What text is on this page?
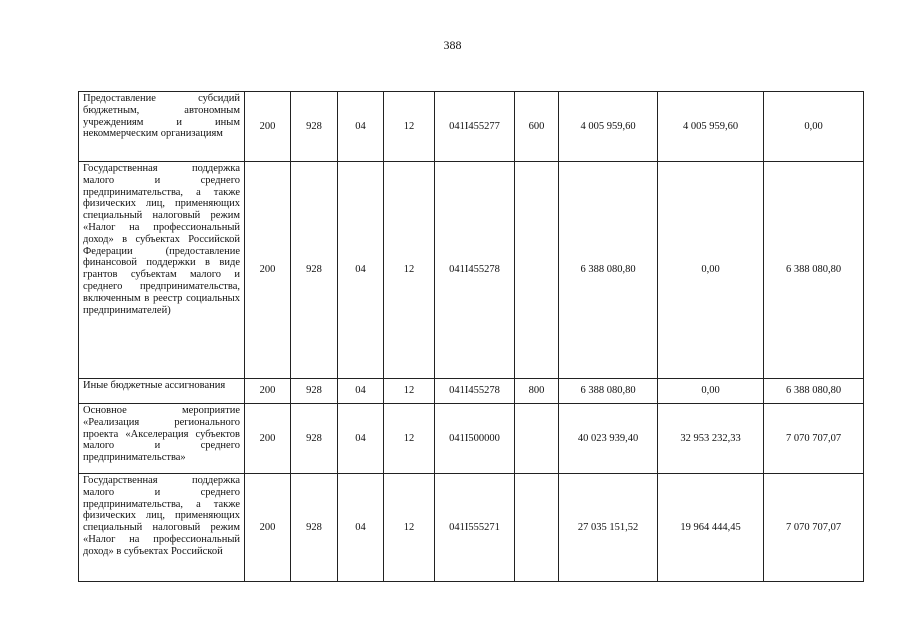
388
Предоставление субсидий бюджетным, автономным учреждениям и иным некоммерческим организациям	200	928	04	12	041I455277	600	4 005 959,60	4 005 959,60	0,00
Государственная поддержка малого и среднего предпринимательства, а также физических лиц, применяющих специальный налоговый режим «Налог на профессиональный доход» в субъектах Российской Федерации (предоставление финансовой поддержки в виде грантов субъектам малого и среднего предпринимательства, включенным в реестр социальных предпринимателей)	200	928	04	12	041I455278		6 388 080,80	0,00	6 388 080,80
Иные бюджетные ассигнования	200	928	04	12	041I455278	800	6 388 080,80	0,00	6 388 080,80
Основное мероприятие «Реализация регионального проекта «Акселерация субъектов малого и среднего предпринимательства»	200	928	04	12	041I500000		40 023 939,40	32 953 232,33	7 070 707,07
Государственная поддержка малого и среднего предпринимательства, а также физических лиц, применяющих специальный налоговый режим «Налог на профессиональный доход» в субъектах Российской	200	928	04	12	041I555271		27 035 151,52	19 964 444,45	7 070 707,07
